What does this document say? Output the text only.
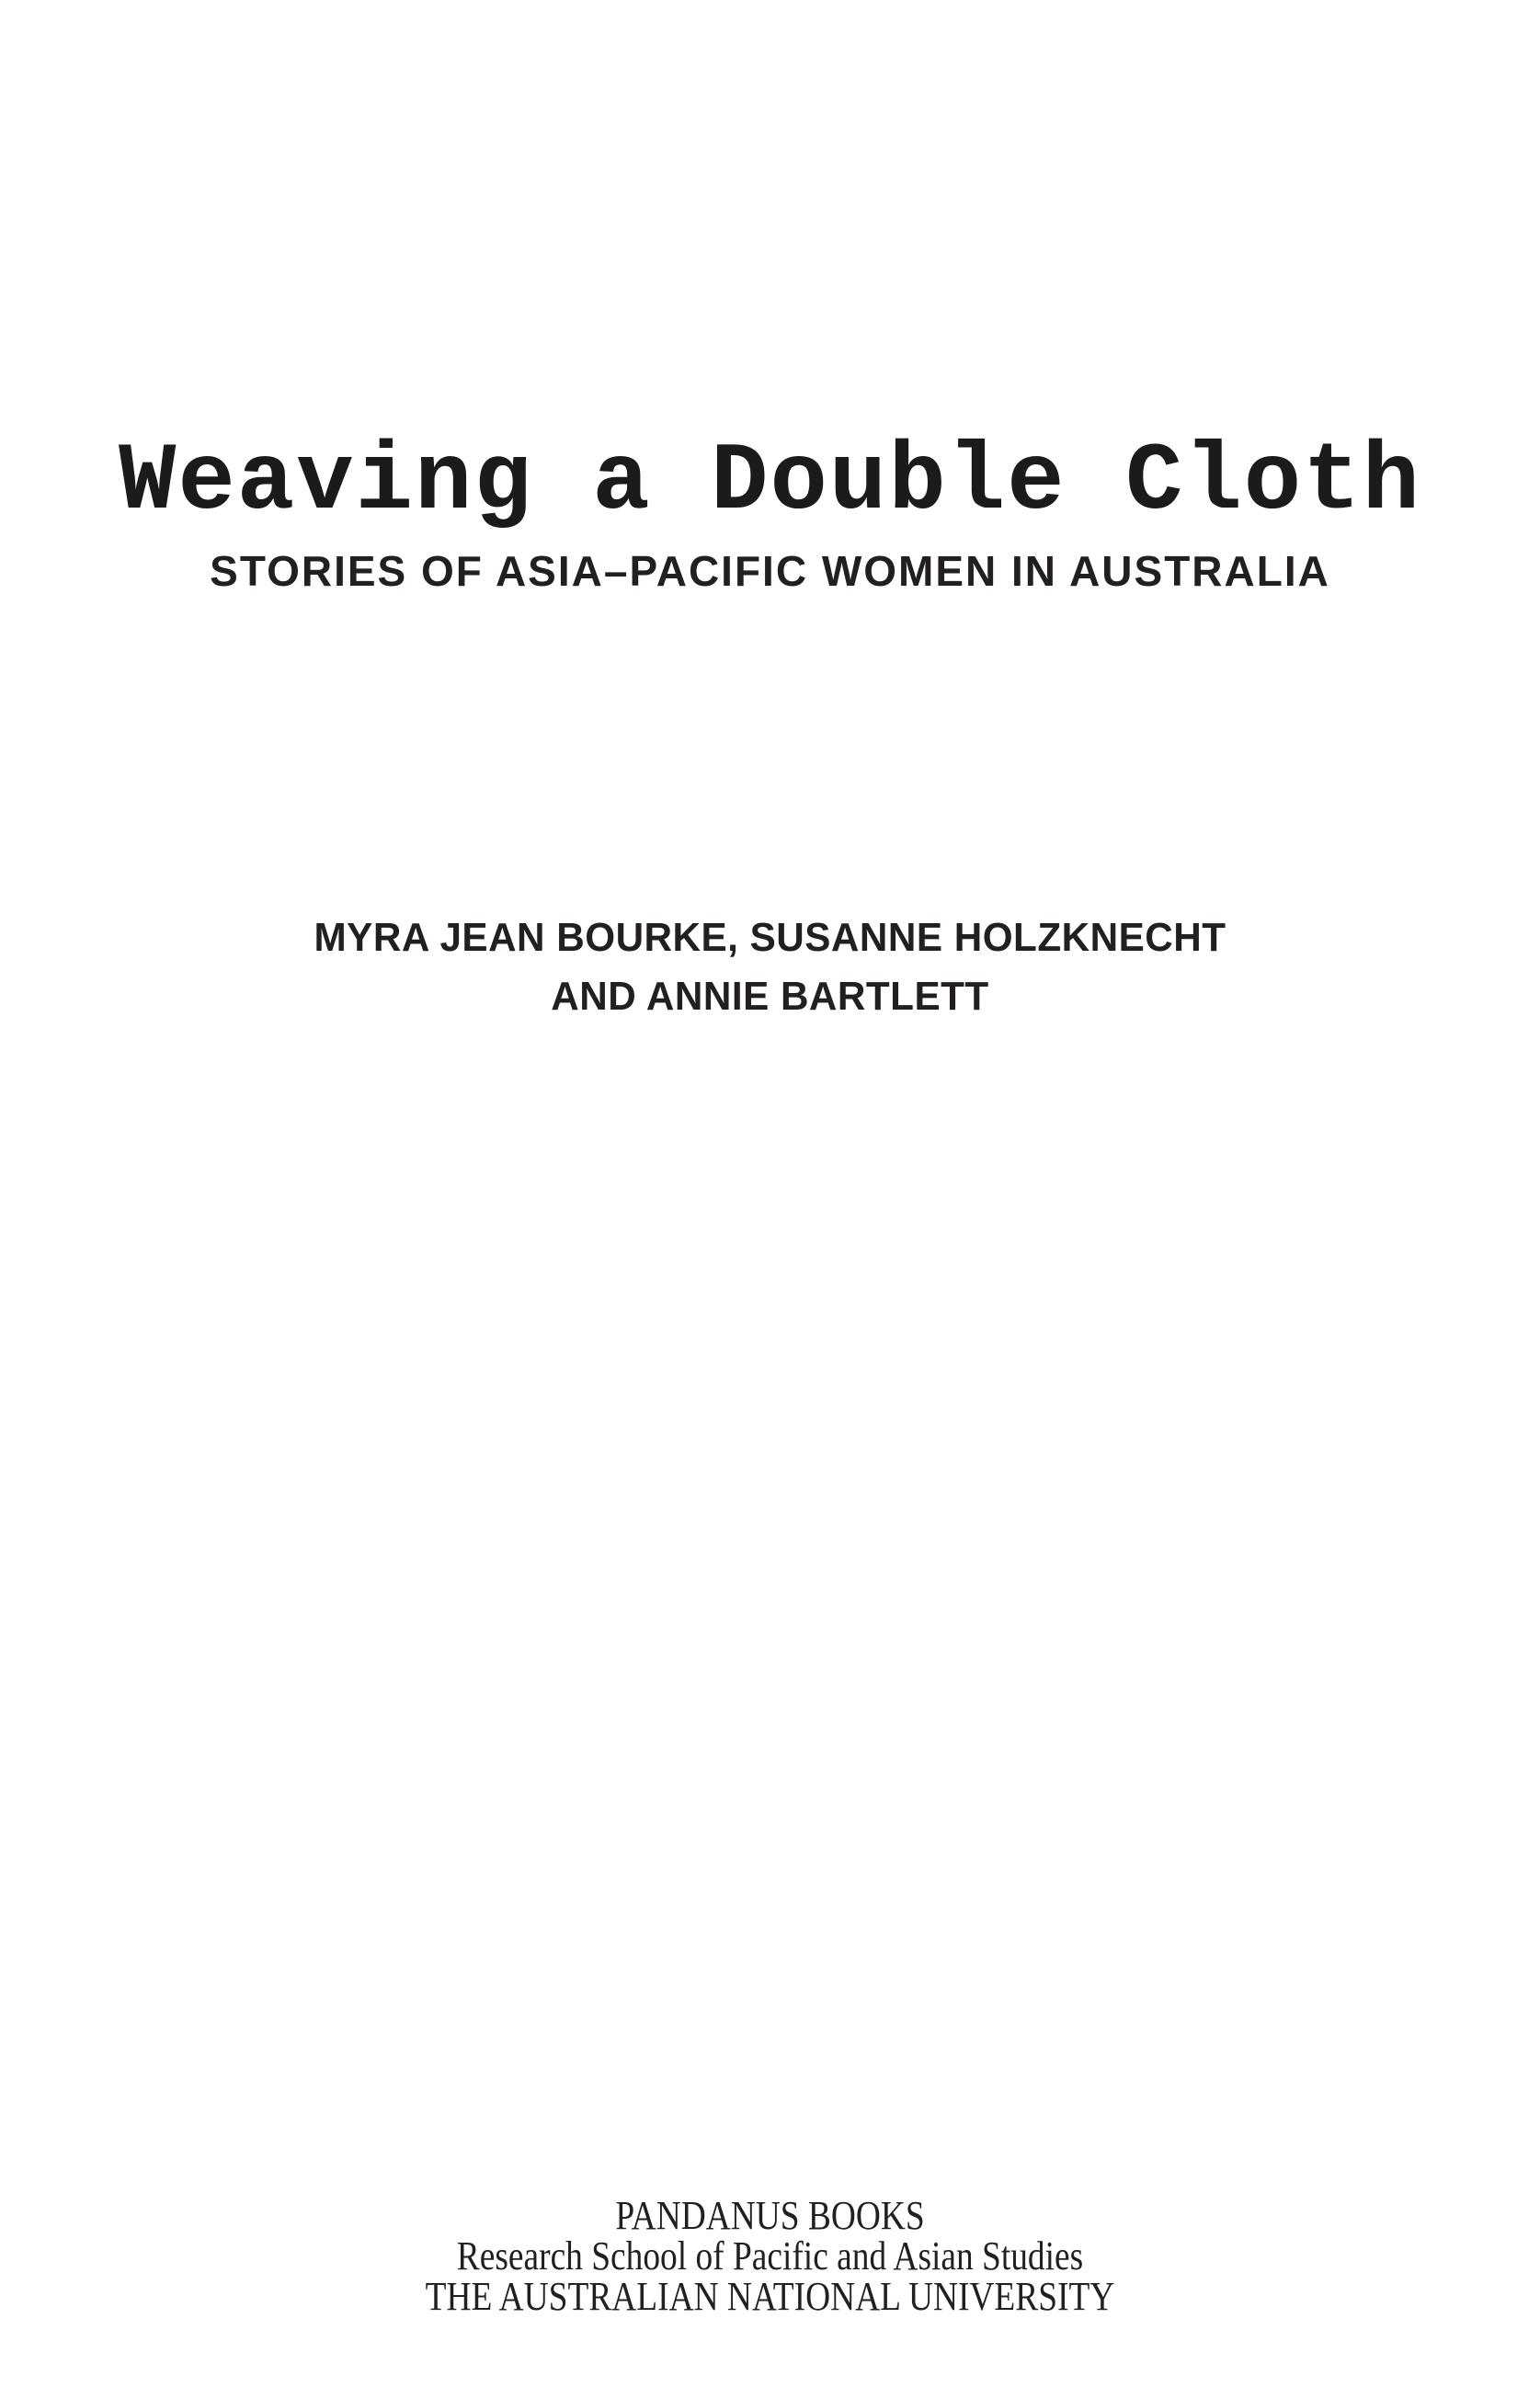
Weaving a Double Cloth
STORIES OF ASIA–PACIFIC WOMEN IN AUSTRALIA
MYRA JEAN BOURKE, SUSANNE HOLZKNECHT
AND ANNIE BARTLETT
PANDANUS BOOKS
Research School of Pacific and Asian Studies
THE AUSTRALIAN NATIONAL UNIVERSITY
